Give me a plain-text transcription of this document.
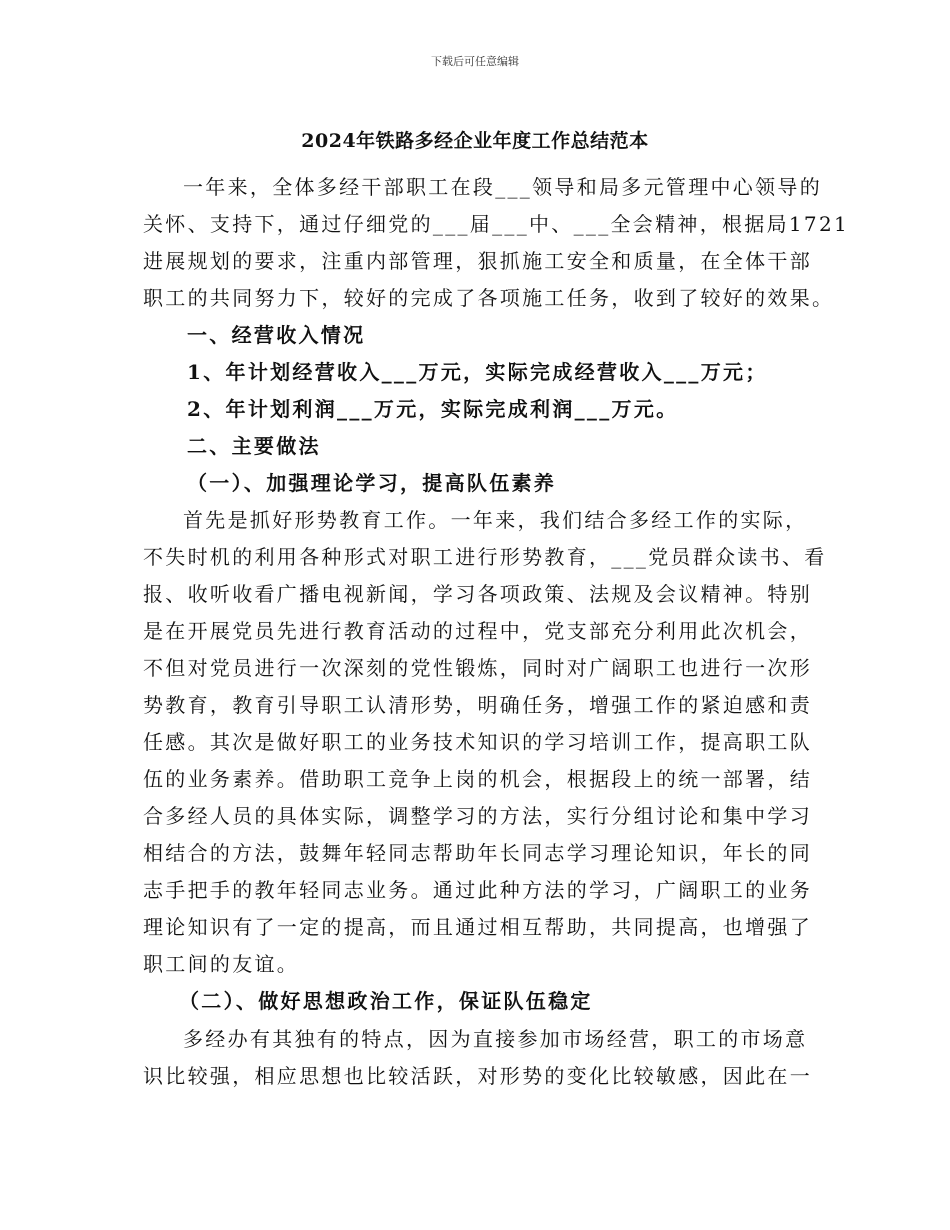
下载后可任意编辑
2024年铁路多经企业年度工作总结范本
一年来，全体多经干部职工在段___领导和局多元管理中心领导的
关怀、支持下，通过仔细党的___届___中、___全会精神，根据局1721
进展规划的要求，注重内部管理，狠抓施工安全和质量，在全体干部
职工的共同努力下，较好的完成了各项施工任务，收到了较好的效果。
一、经营收入情况
1、年计划经营收入___万元，实际完成经营收入___万元；
2、年计划利润___万元，实际完成利润___万元。
二、主要做法
（一）、加强理论学习，提高队伍素养
首先是抓好形势教育工作。一年来，我们结合多经工作的实际，
不失时机的利用各种形式对职工进行形势教育，___党员群众读书、看
报、收听收看广播电视新闻，学习各项政策、法规及会议精神。特别
是在开展党员先进行教育活动的过程中，党支部充分利用此次机会，
不但对党员进行一次深刻的党性锻炼，同时对广阔职工也进行一次形
势教育，教育引导职工认清形势，明确任务，增强工作的紧迫感和责
任感。其次是做好职工的业务技术知识的学习培训工作，提高职工队
伍的业务素养。借助职工竞争上岗的机会，根据段上的统一部署，结
合多经人员的具体实际，调整学习的方法，实行分组讨论和集中学习
相结合的方法，鼓舞年轻同志帮助年长同志学习理论知识，年长的同
志手把手的教年轻同志业务。通过此种方法的学习，广阔职工的业务
理论知识有了一定的提高，而且通过相互帮助，共同提高，也增强了
职工间的友谊。
（二）、做好思想政治工作，保证队伍稳定
多经办有其独有的特点，因为直接参加市场经营，职工的市场意
识比较强，相应思想也比较活跃，对形势的变化比较敏感，因此在一
